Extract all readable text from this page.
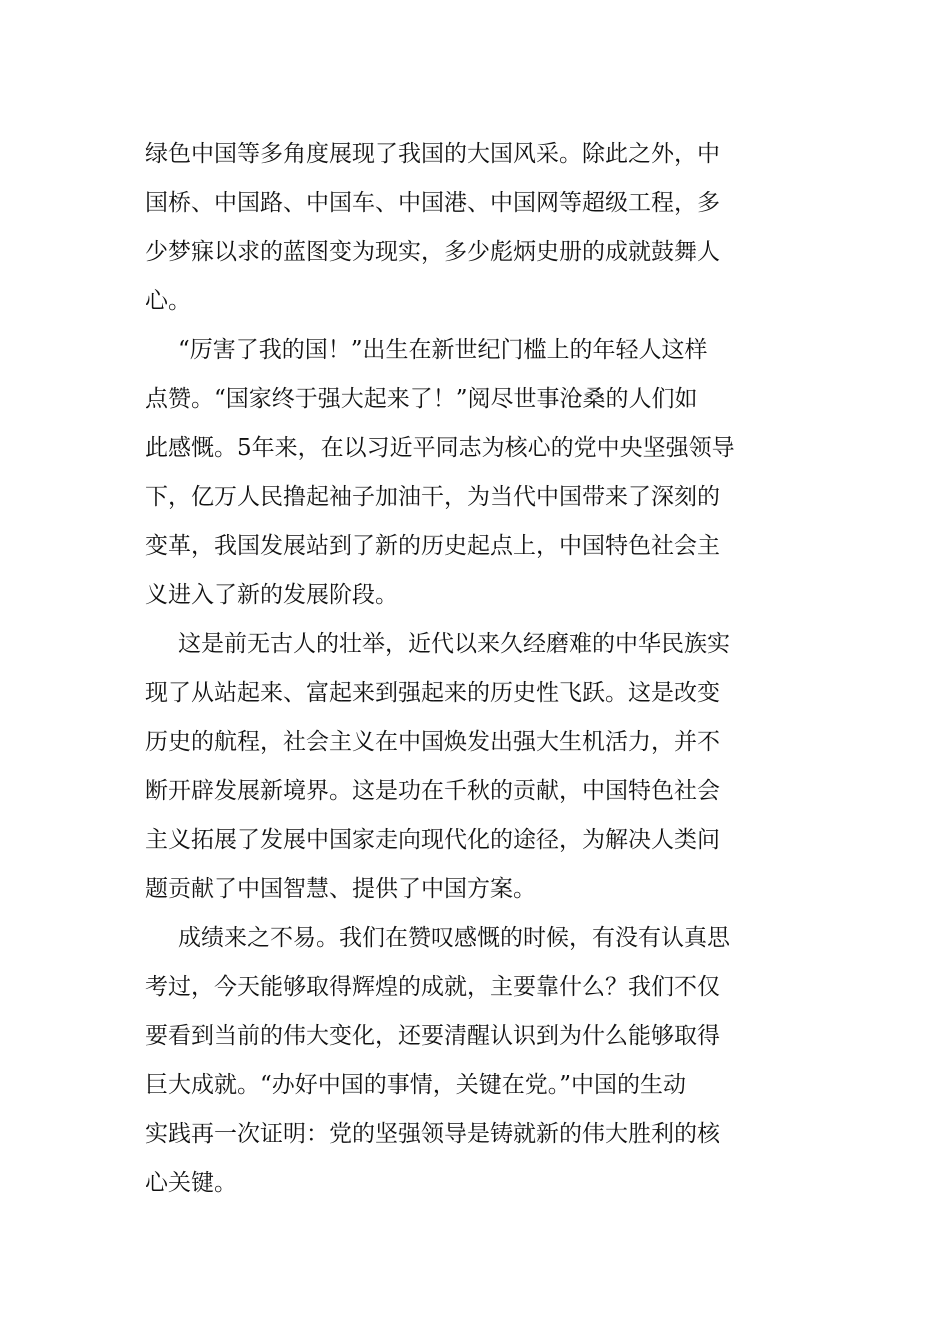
绿色中国等多角度展现了我国的大国风采。除此之外，中

国桥、中国路、中国车、中国港、中国网等超级工程，多

少梦寐以求的蓝图变为现实，多少彪炳史册的成就鼓舞人

心。

“厉害了我的国！”出生在新世纪门槛上的年轻人这样

点赞。“国家终于强大起来了！”阅尽世事沧桑的人们如

此感慨。5年来，在以习近平同志为核心的党中央坚强领导

下，亿万人民撸起袖子加油干，为当代中国带来了深刻的

变革，我国发展站到了新的历史起点上，中国特色社会主

义进入了新的发展阶段。

这是前无古人的壮举，近代以来久经磨难的中华民族实

现了从站起来、富起来到强起来的历史性飞跃。这是改变

历史的航程，社会主义在中国焕发出强大生机活力，并不

断开辟发展新境界。这是功在千秋的贡献，中国特色社会

主义拓展了发展中国家走向现代化的途径，为解决人类问

题贡献了中国智慧、提供了中国方案。

成绩来之不易。我们在赞叹感慨的时候，有没有认真思

考过，今天能够取得辉煌的成就，主要靠什么？我们不仅

要看到当前的伟大变化，还要清醒认识到为什么能够取得

巨大成就。“办好中国的事情，关键在党。”中国的生动

实践再一次证明：党的坚强领导是铸就新的伟大胜利的核

心关键。
